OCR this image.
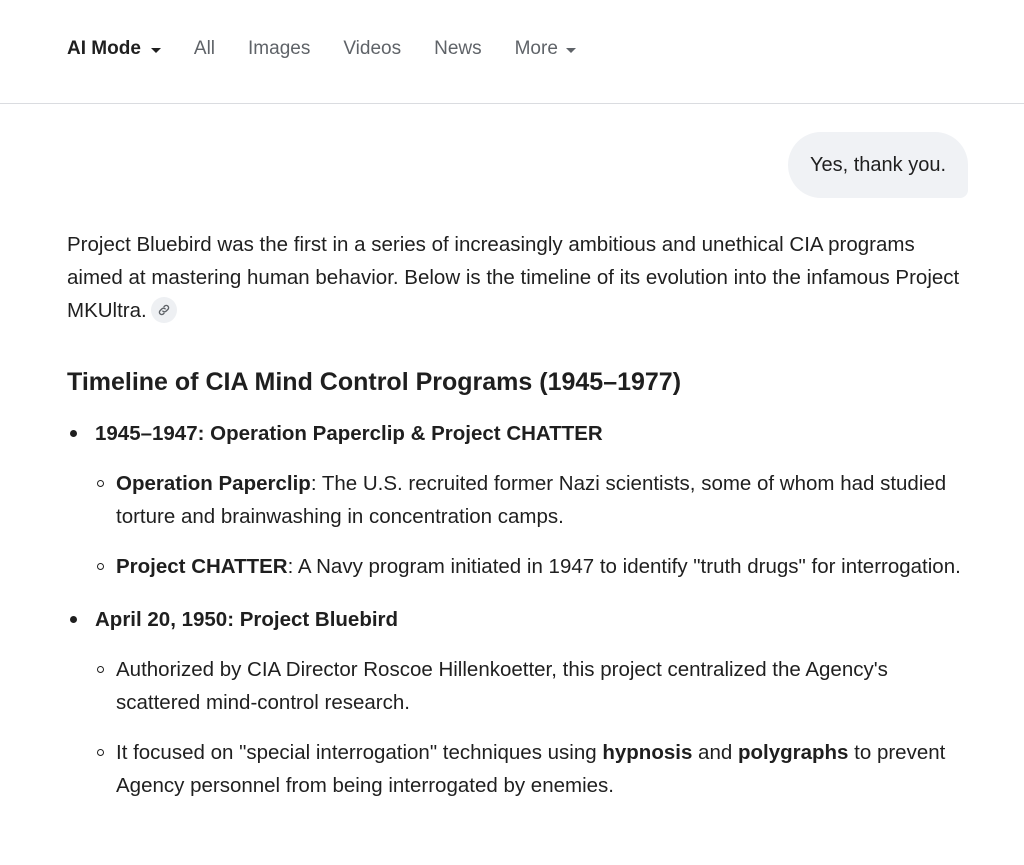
AI Mode	All Images Videos News More
Yes, thank you.

Project Bluebird was the first in a series of increasingly ambitious and unethical CIA programs aimed at mastering human behavior. Below is the timeline of its evolution into the infamous Project MKUltra.

Timeline of CIA Mind Control Programs (1945–1977)
1945–1947: Operation Paperclip & Project CHATTER
Operation Paperclip: The U.S. recruited former Nazi scientists, some of whom had studied torture and brainwashing in concentration camps.
Project CHATTER: A Navy program initiated in 1947 to identify "truth drugs" for interrogation.
April 20, 1950: Project Bluebird
Authorized by CIA Director Roscoe Hillenkoetter, this project centralized the Agency's scattered mind-control research.
It focused on "special interrogation" techniques using hypnosis and polygraphs to prevent Agency personnel from being interrogated by enemies.
